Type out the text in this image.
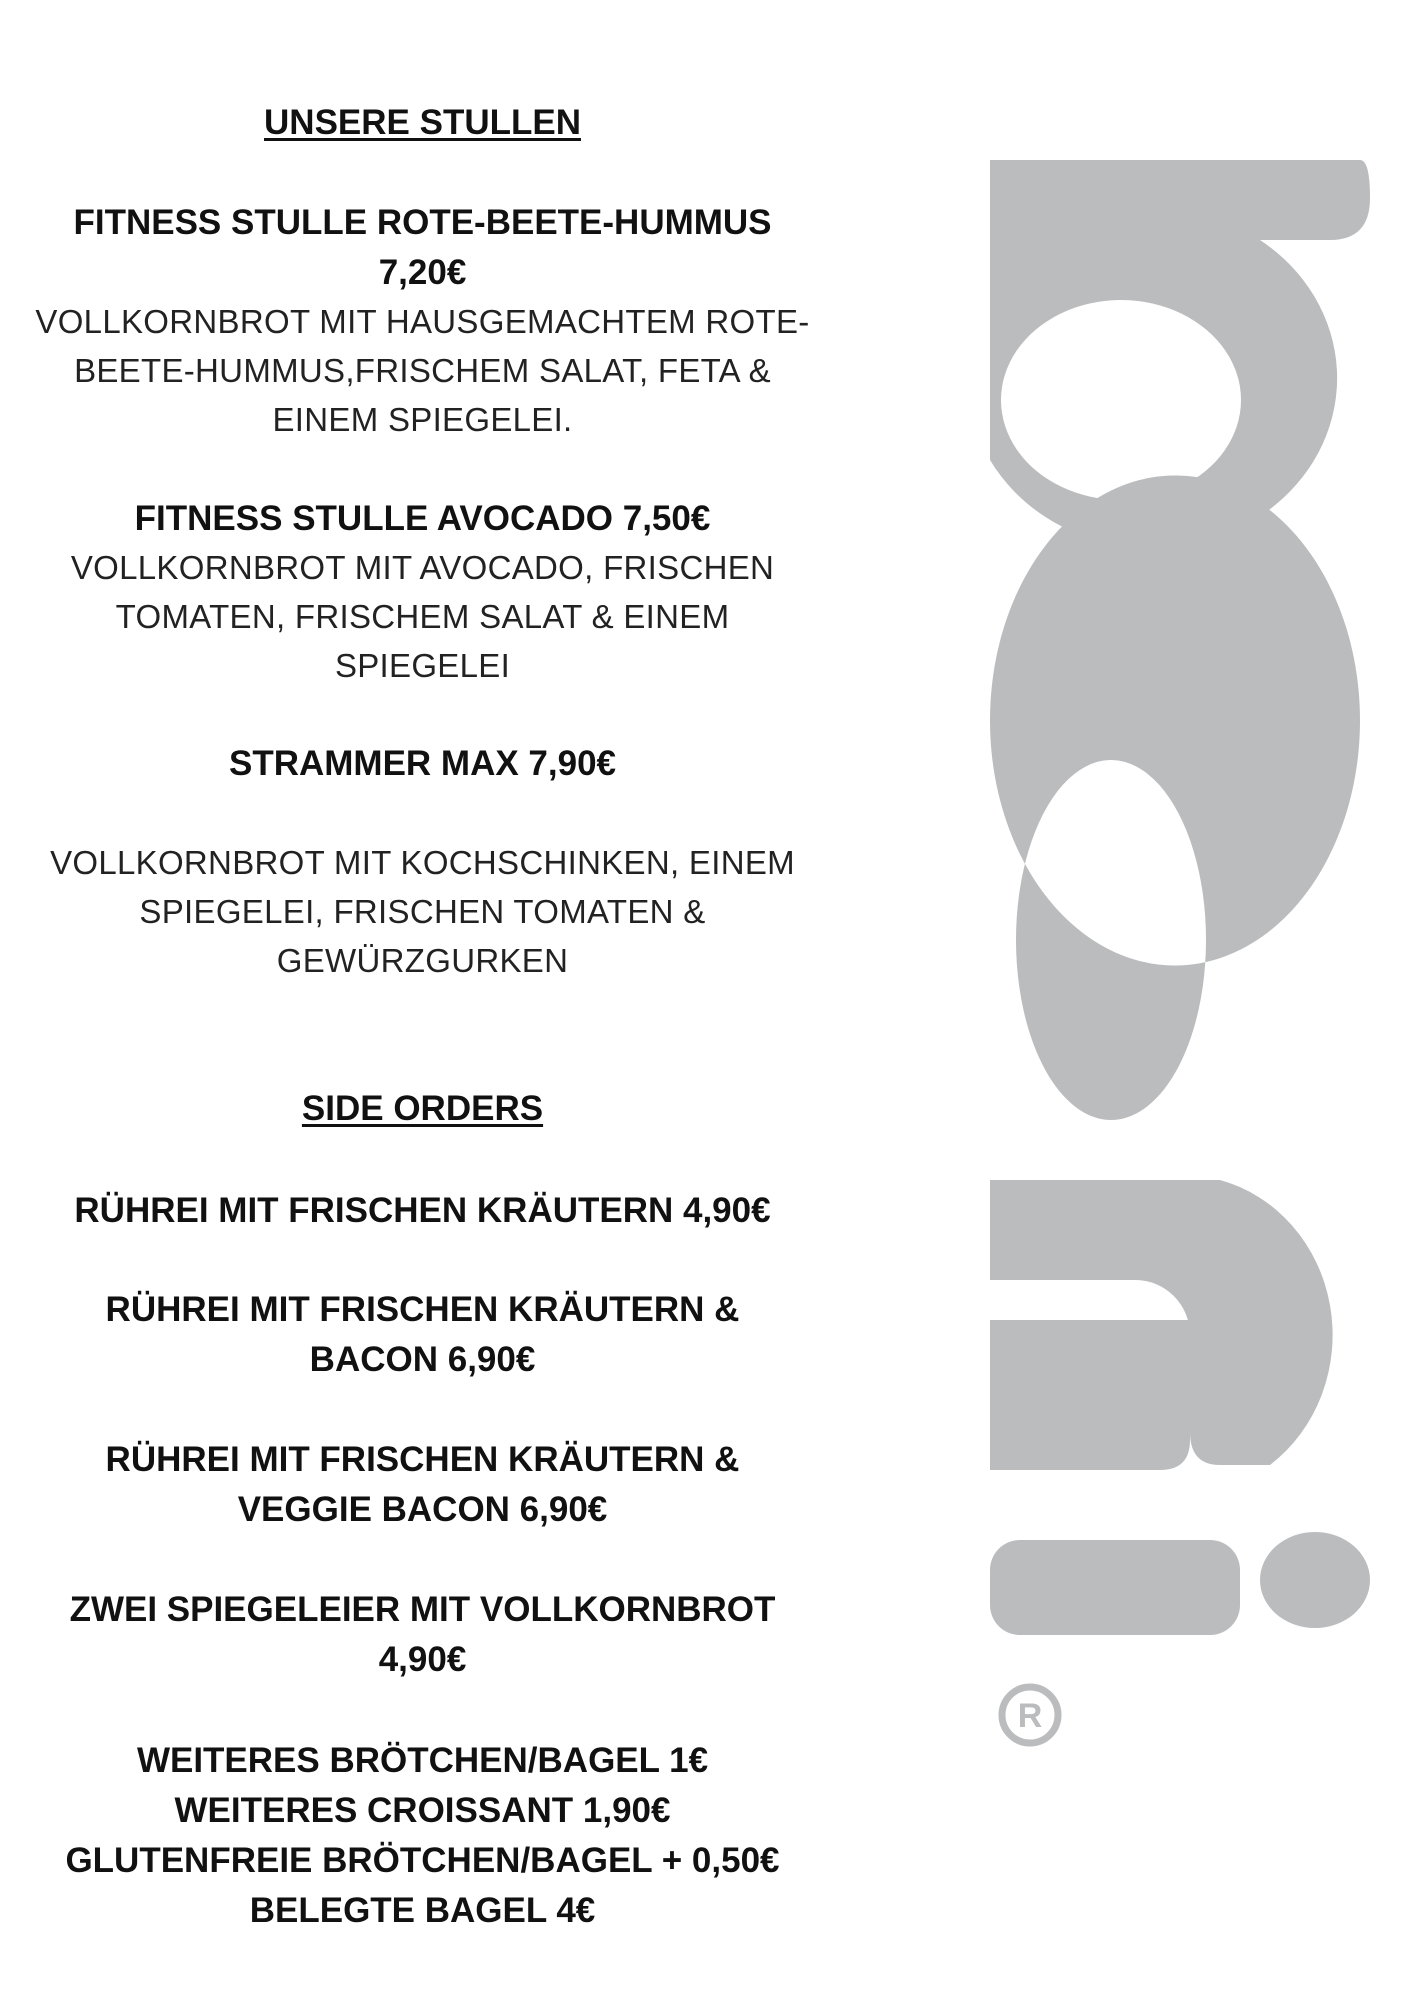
UNSERE STULLEN
FITNESS STULLE ROTE-BEETE-HUMMUS
7,20€
VOLLKORNBROT MIT HAUSGEMACHTEM ROTE-
BEETE-HUMMUS,FRISCHEM SALAT, FETA &
EINEM SPIEGELEI.
FITNESS STULLE AVOCADO 7,50€
VOLLKORNBROT MIT AVOCADO, FRISCHEN
TOMATEN, FRISCHEM SALAT & EINEM
SPIEGELEI
STRAMMER MAX 7,90€
VOLLKORNBROT MIT KOCHSCHINKEN, EINEM
SPIEGELEI, FRISCHEN TOMATEN &
GEWÜRZGURKEN
SIDE ORDERS
RÜHREI MIT FRISCHEN KRÄUTERN 4,90€
RÜHREI MIT FRISCHEN KRÄUTERN &
BACON 6,90€
RÜHREI MIT FRISCHEN KRÄUTERN &
VEGGIE BACON 6,90€
ZWEI SPIEGELEIER MIT VOLLKORNBROT
4,90€
WEITERES BRÖTCHEN/BAGEL 1€
WEITERES CROISSANT 1,90€
GLUTENFREIE BRÖTCHEN/BAGEL + 0,50€
BELEGTE BAGEL 4€
R
